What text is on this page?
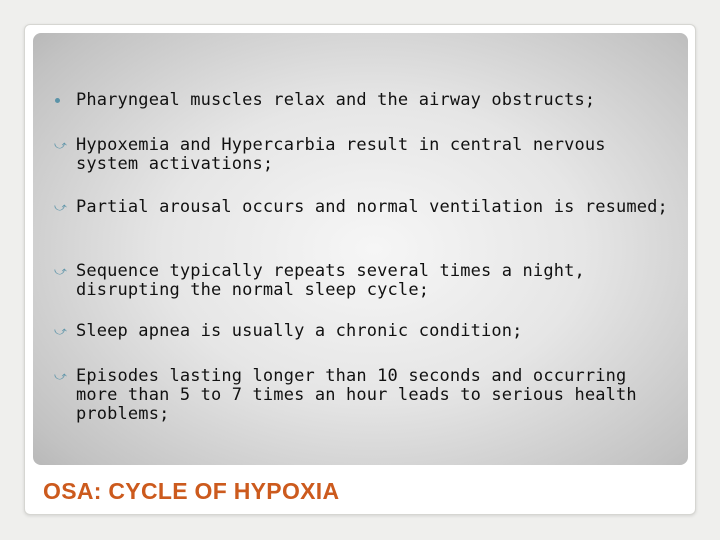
Pharyngeal muscles relax and the airway obstructs;
⤻ Hypoxemia and Hypercarbia result in central nervous system activations;
⤻ Partial arousal occurs and normal ventilation is resumed;
⤻ Sequence typically repeats several times a night, disrupting the normal sleep cycle;
⤻ Sleep apnea is usually a chronic condition;
⤻ Episodes lasting longer than 10 seconds and occurring more than 5 to 7 times an hour leads to serious health problems;
OSA: CYCLE OF HYPOXIA
